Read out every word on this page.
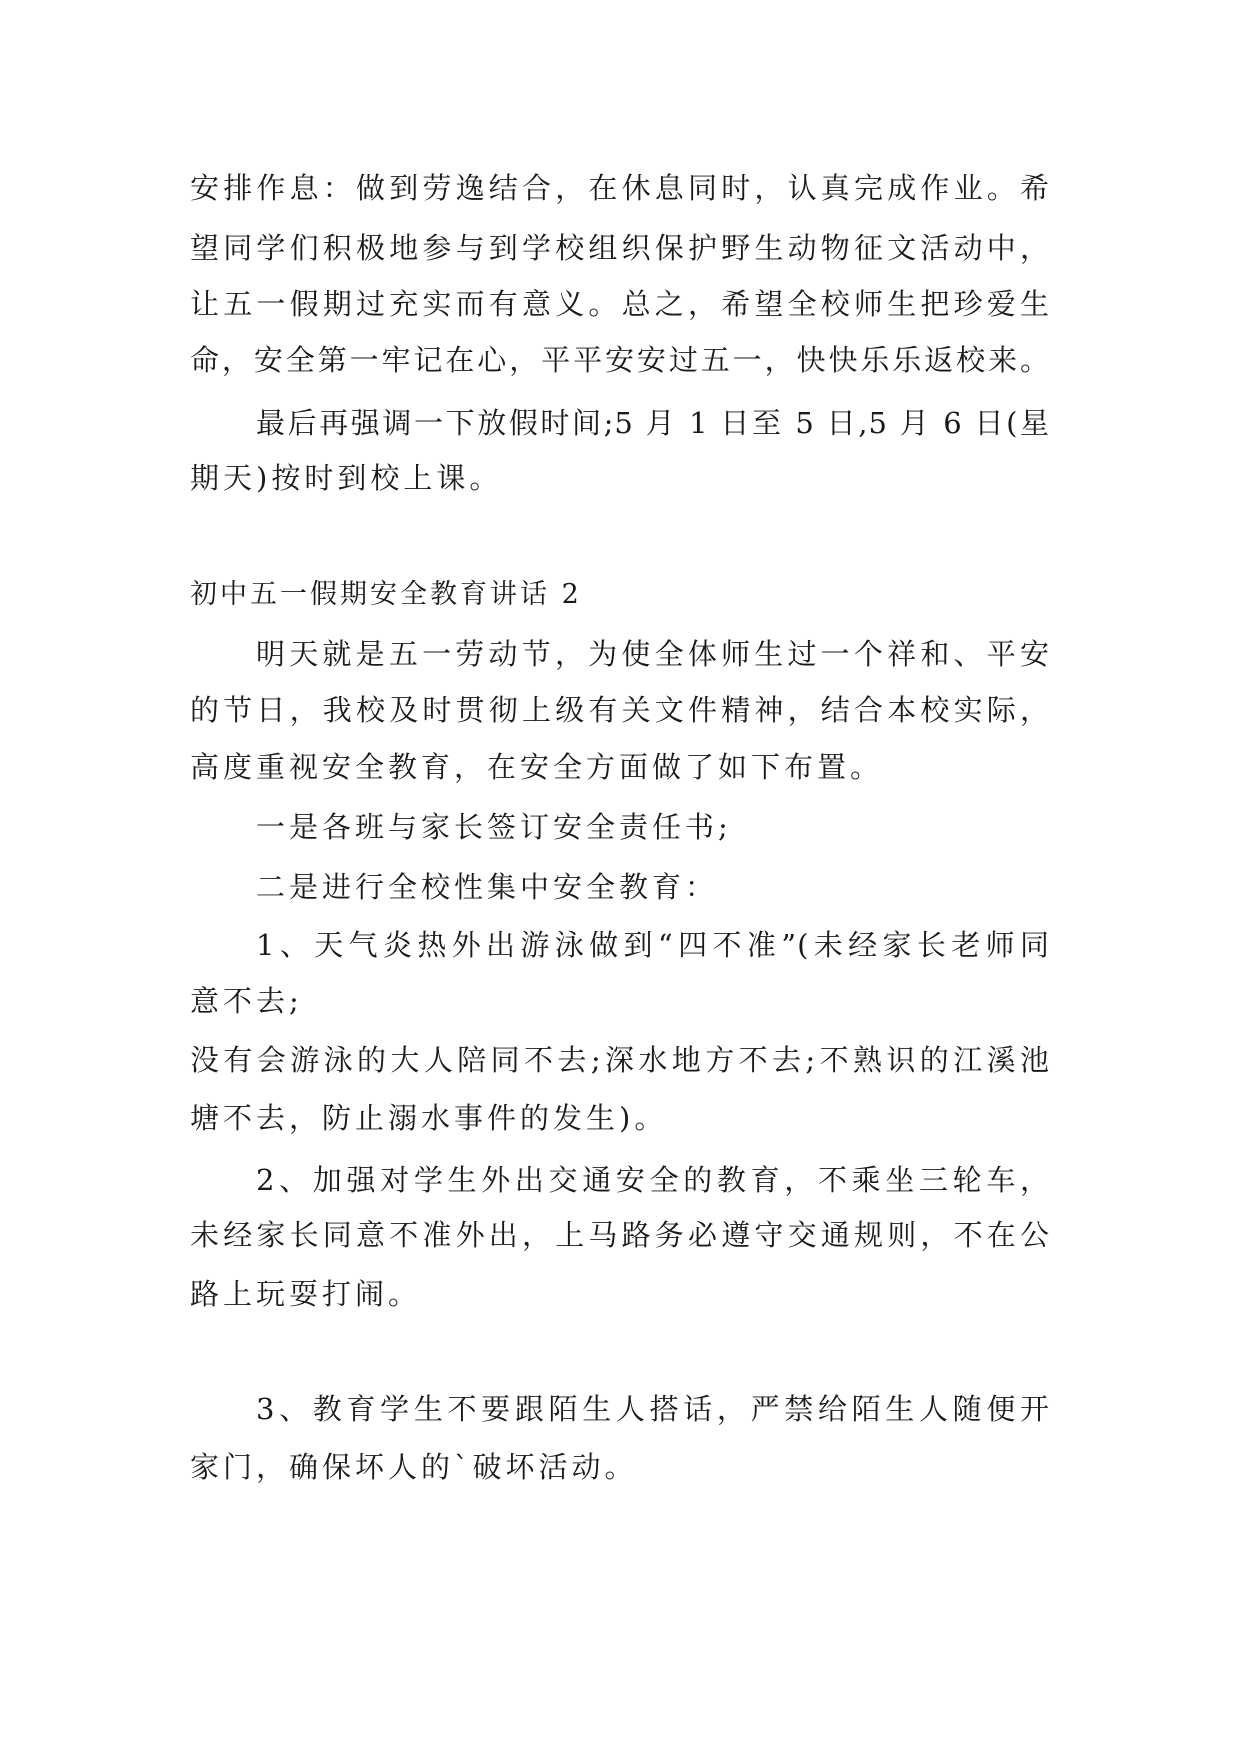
安排作息：做到劳逸结合，在休息同时，认真完成作业。希
望同学们积极地参与到学校组织保护野生动物征文活动中，
让五一假期过充实而有意义。总之，希望全校师生把珍爱生
命，安全第一牢记在心，平平安安过五一，快快乐乐返校来。
最后再强调一下放假时间;5 月 1 日至 5 日,5 月 6 日(星
期天)按时到校上课。
初中五一假期安全教育讲话 2
明天就是五一劳动节，为使全体师生过一个祥和、平安
的节日，我校及时贯彻上级有关文件精神，结合本校实际，
高度重视安全教育，在安全方面做了如下布置。
一是各班与家长签订安全责任书;
二是进行全校性集中安全教育：
1、天气炎热外出游泳做到“四不准”(未经家长老师同
意不去;
没有会游泳的大人陪同不去;深水地方不去;不熟识的江溪池
塘不去，防止溺水事件的发生)。
2、加强对学生外出交通安全的教育，不乘坐三轮车，
未经家长同意不准外出，上马路务必遵守交通规则，不在公
路上玩耍打闹。
3、教育学生不要跟陌生人搭话，严禁给陌生人随便开
家门，确保坏人的`破坏活动。
